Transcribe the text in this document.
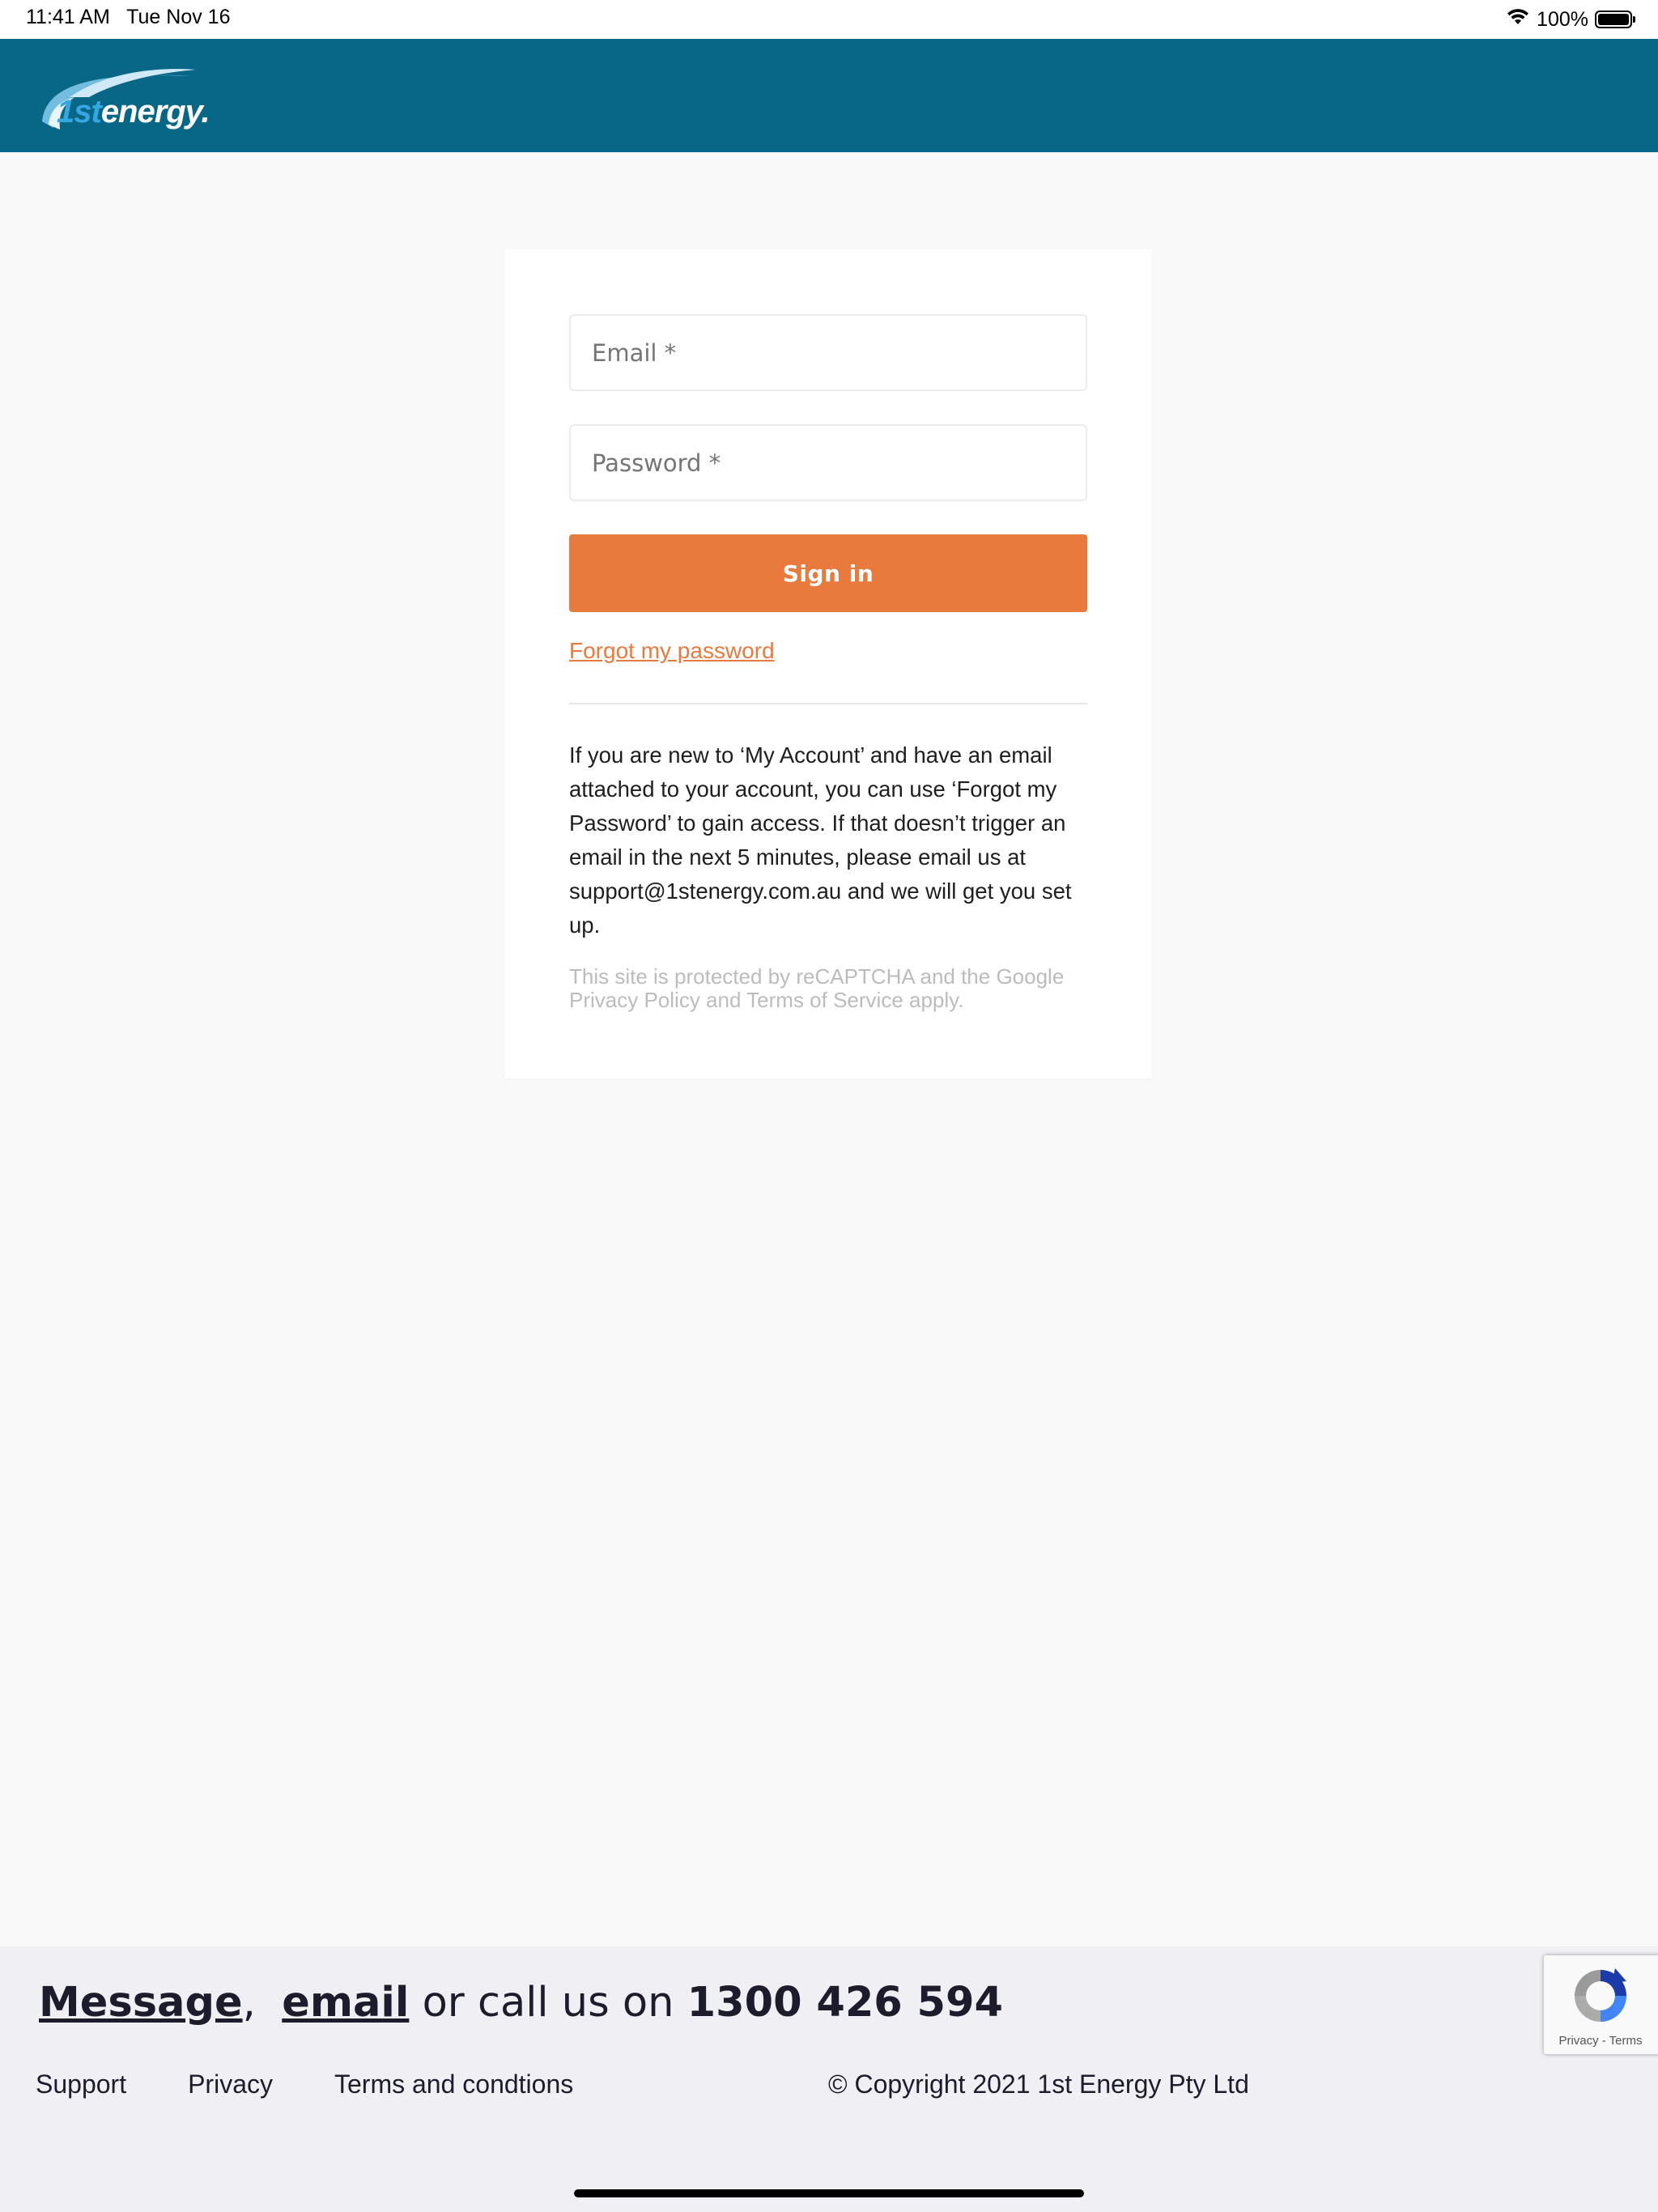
11:41 AM Tue Nov 16	100%
1stenergy.
Email *
Sign in
Forgot my password

If you are new to ‘My Account’ and have an email attached to your account, you can use ‘Forgot my Password’ to gain access. If that doesn’t trigger an email in the next 5 minutes, please email us at support@1stenergy.com.au and we will get you set up.

This site is protected by reCAPTCHA and the Google Privacy Policy and Terms of Service apply.

Message, email or call us on 1300 426 594
Support Privacy Terms and condtions	© Copyright 2021 1st Energy Pty Ltd
Privacy - Terms
